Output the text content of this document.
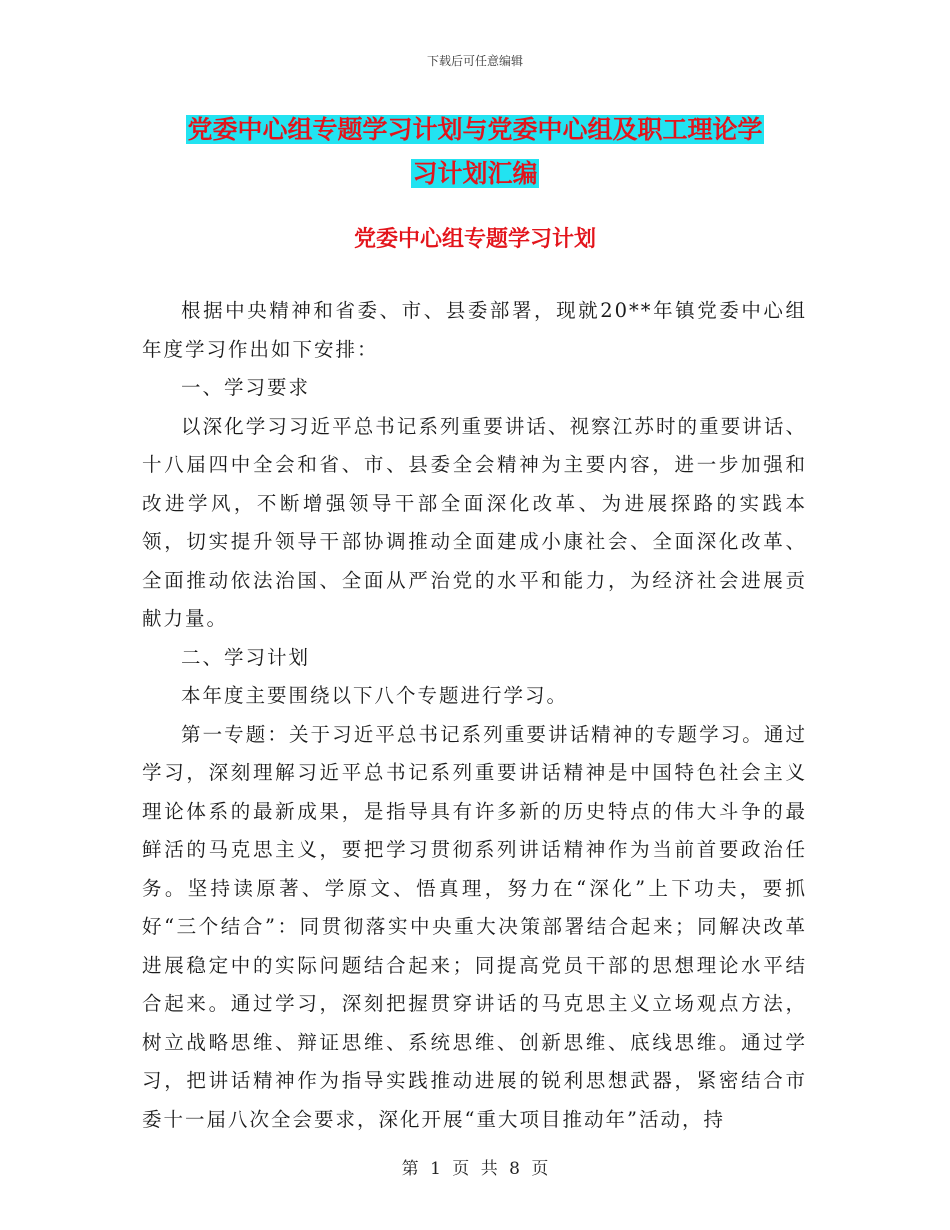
下载后可任意编辑
党委中心组专题学习计划与党委中心组及职工理论学
习计划汇编
党委中心组专题学习计划

根据中央精神和省委、市、县委部署，现就20**年镇党委中心组年度学习作出如下安排：

一、学习要求

以深化学习习近平总书记系列重要讲话、视察江苏时的重要讲话、十八届四中全会和省、市、县委全会精神为主要内容，进一步加强和改进学风，不断增强领导干部全面深化改革、为进展探路的实践本领，切实提升领导干部协调推动全面建成小康社会、全面深化改革、全面推动依法治国、全面从严治党的水平和能力，为经济社会进展贡献力量。

二、学习计划

本年度主要围绕以下八个专题进行学习。

第一专题：关于习近平总书记系列重要讲话精神的专题学习。通过学习，深刻理解习近平总书记系列重要讲话精神是中国特色社会主义理论体系的最新成果，是指导具有许多新的历史特点的伟大斗争的最鲜活的马克思主义，要把学习贯彻系列讲话精神作为当前首要政治任务。坚持读原著、学原文、悟真理，努力在“深化”上下功夫，要抓好“三个结合”：同贯彻落实中央重大决策部署结合起来；同解决改革进展稳定中的实际问题结合起来；同提高党员干部的思想理论水平结合起来。通过学习，深刻把握贯穿讲话的马克思主义立场观点方法，树立战略思维、辩证思维、系统思维、创新思维、底线思维。通过学习，把讲话精神作为指导实践推动进展的锐利思想武器，紧密结合市委十一届八次全会要求，深化开展“重大项目推动年”活动，持

第 1 页 共 8 页
